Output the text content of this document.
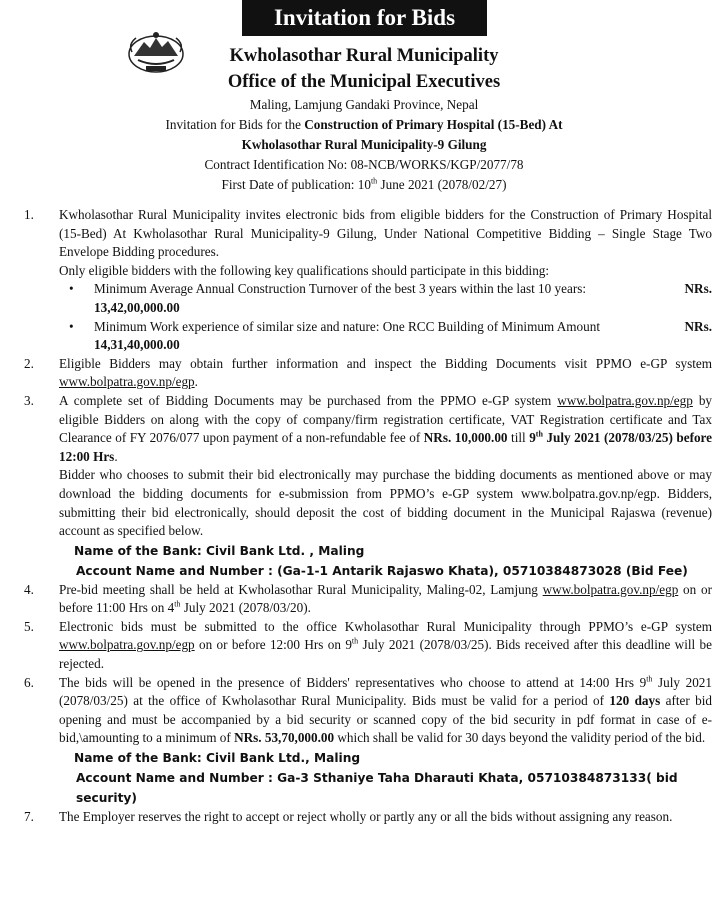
Invitation for Bids
Kwholasothar Rural Municipality
Office of the Municipal Executives
Maling, Lamjung Gandaki Province, Nepal
Invitation for Bids for the Construction of Primary Hospital (15-Bed) At
Kwholasothar Rural Municipality-9 Gilung
Contract Identification No: 08-NCB/WORKS/KGP/2077/78
First Date of publication: 10th June 2021 (2078/02/27)
1. Kwholasothar Rural Municipality invites electronic bids from eligible bidders for the Construction of Primary Hospital (15-Bed) At Kwholasothar Rural Municipality-9 Gilung, Under National Competitive Bidding – Single Stage Two Envelope Bidding procedures.
Only eligible bidders with the following key qualifications should participate in this bidding:
• Minimum Average Annual Construction Turnover of the best 3 years within the last 10 years:	NRs.
13,42,00,000.00
• Minimum Work experience of similar size and nature: One RCC Building of Minimum Amount	NRs.
14,31,40,000.00
2. Eligible Bidders may obtain further information and inspect the Bidding Documents visit PPMO e-GP system www.bolpatra.gov.np/egp.
3. A complete set of Bidding Documents may be purchased from the PPMO e-GP system www.bolpatra.gov.np/egp by eligible Bidders on along with the copy of company/firm registration certificate, VAT Registration certificate and Tax Clearance of FY 2076/077 upon payment of a non-refundable fee of NRs. 10,000.00 till 9th July 2021 (2078/03/25) before 12:00 Hrs.
Bidder who chooses to submit their bid electronically may purchase the bidding documents as mentioned above or may download the bidding documents for e-submission from PPMO’s e-GP system www.bolpatra.gov.np/egp. Bidders, submitting their bid electronically, should deposit the cost of bidding document in the Municipal Rajaswa (revenue) account as specified below.
Name of the Bank: Civil Bank Ltd. , Maling
Account Name and Number : (Ga-1-1 Antarik Rajaswo Khata), 05710384873028 (Bid Fee)
4. Pre-bid meeting shall be held at Kwholasothar Rural Municipality, Maling-02, Lamjung www.bolpatra.gov.np/egp on or before 11:00 Hrs on 4th July 2021 (2078/03/20).
5. Electronic bids must be submitted to the office Kwholasothar Rural Municipality through PPMO’s e-GP system www.bolpatra.gov.np/egp on or before 12:00 Hrs on 9th July 2021 (2078/03/25). Bids received after this deadline will be rejected.
6. The bids will be opened in the presence of Bidders' representatives who choose to attend at 14:00 Hrs 9th July 2021 (2078/03/25) at the office of Kwholasothar Rural Municipality. Bids must be valid for a period of 120 days after bid opening and must be accompanied by a bid security or scanned copy of the bid security in pdf format in case of e-bid,\amounting to a minimum of NRs. 53,70,000.00 which shall be valid for 30 days beyond the validity period of the bid.
Name of the Bank: Civil Bank Ltd., Maling
Account Name and Number : Ga-3 Sthaniye Taha Dharauti Khata, 05710384873133( bid security)
7. The Employer reserves the right to accept or reject wholly or partly any or all the bids without assigning any reason.
